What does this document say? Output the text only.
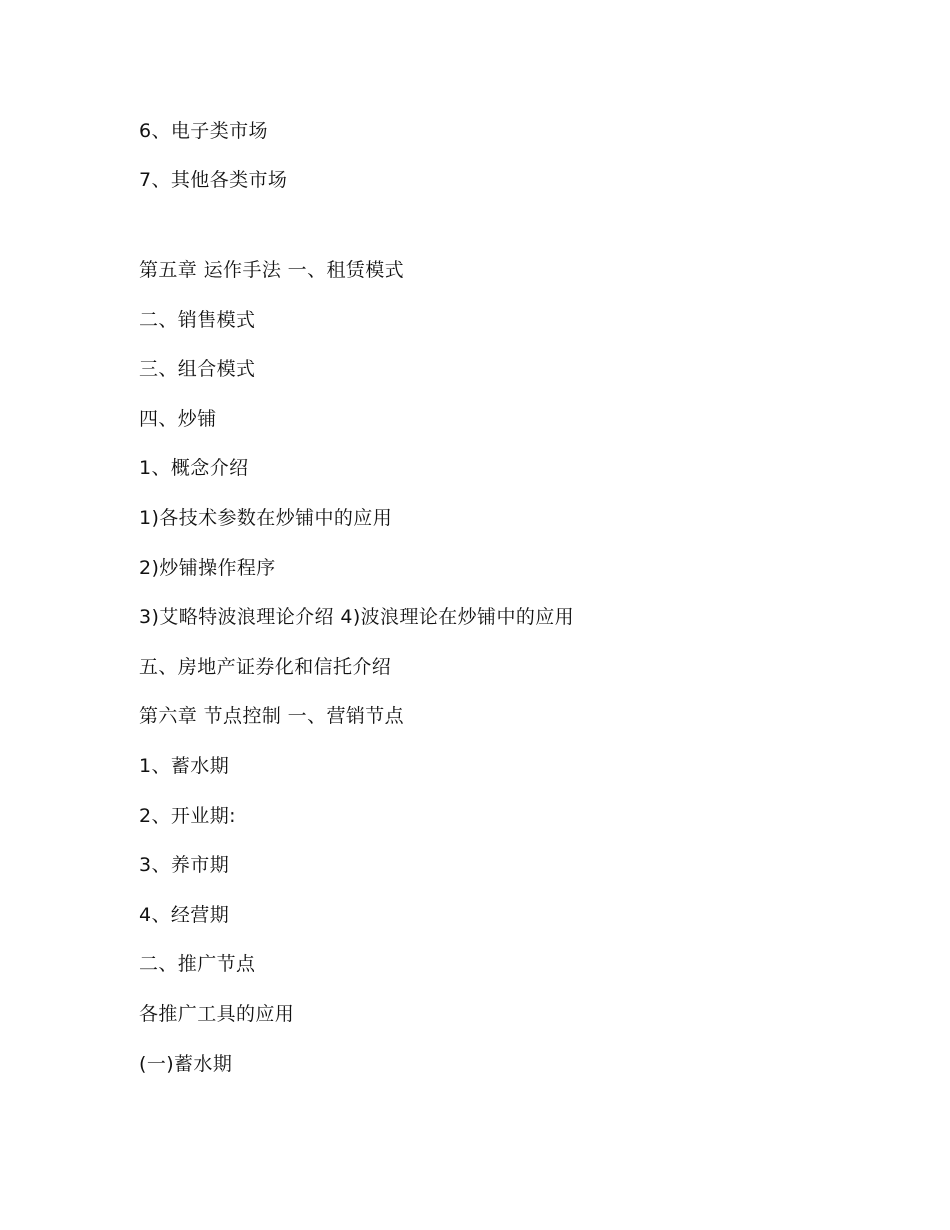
6、电子类市场
7、其他各类市场
第五章 运作手法 一、租赁模式
二、销售模式
三、组合模式
四、炒铺
1、概念介绍
1)各技术参数在炒铺中的应用
2)炒铺操作程序
3)艾略特波浪理论介绍 4)波浪理论在炒铺中的应用
五、房地产证券化和信托介绍
第六章 节点控制 一、营销节点
1、蓄水期
2、开业期:
3、养市期
4、经营期
二、推广节点
各推广工具的应用
(一)蓄水期
